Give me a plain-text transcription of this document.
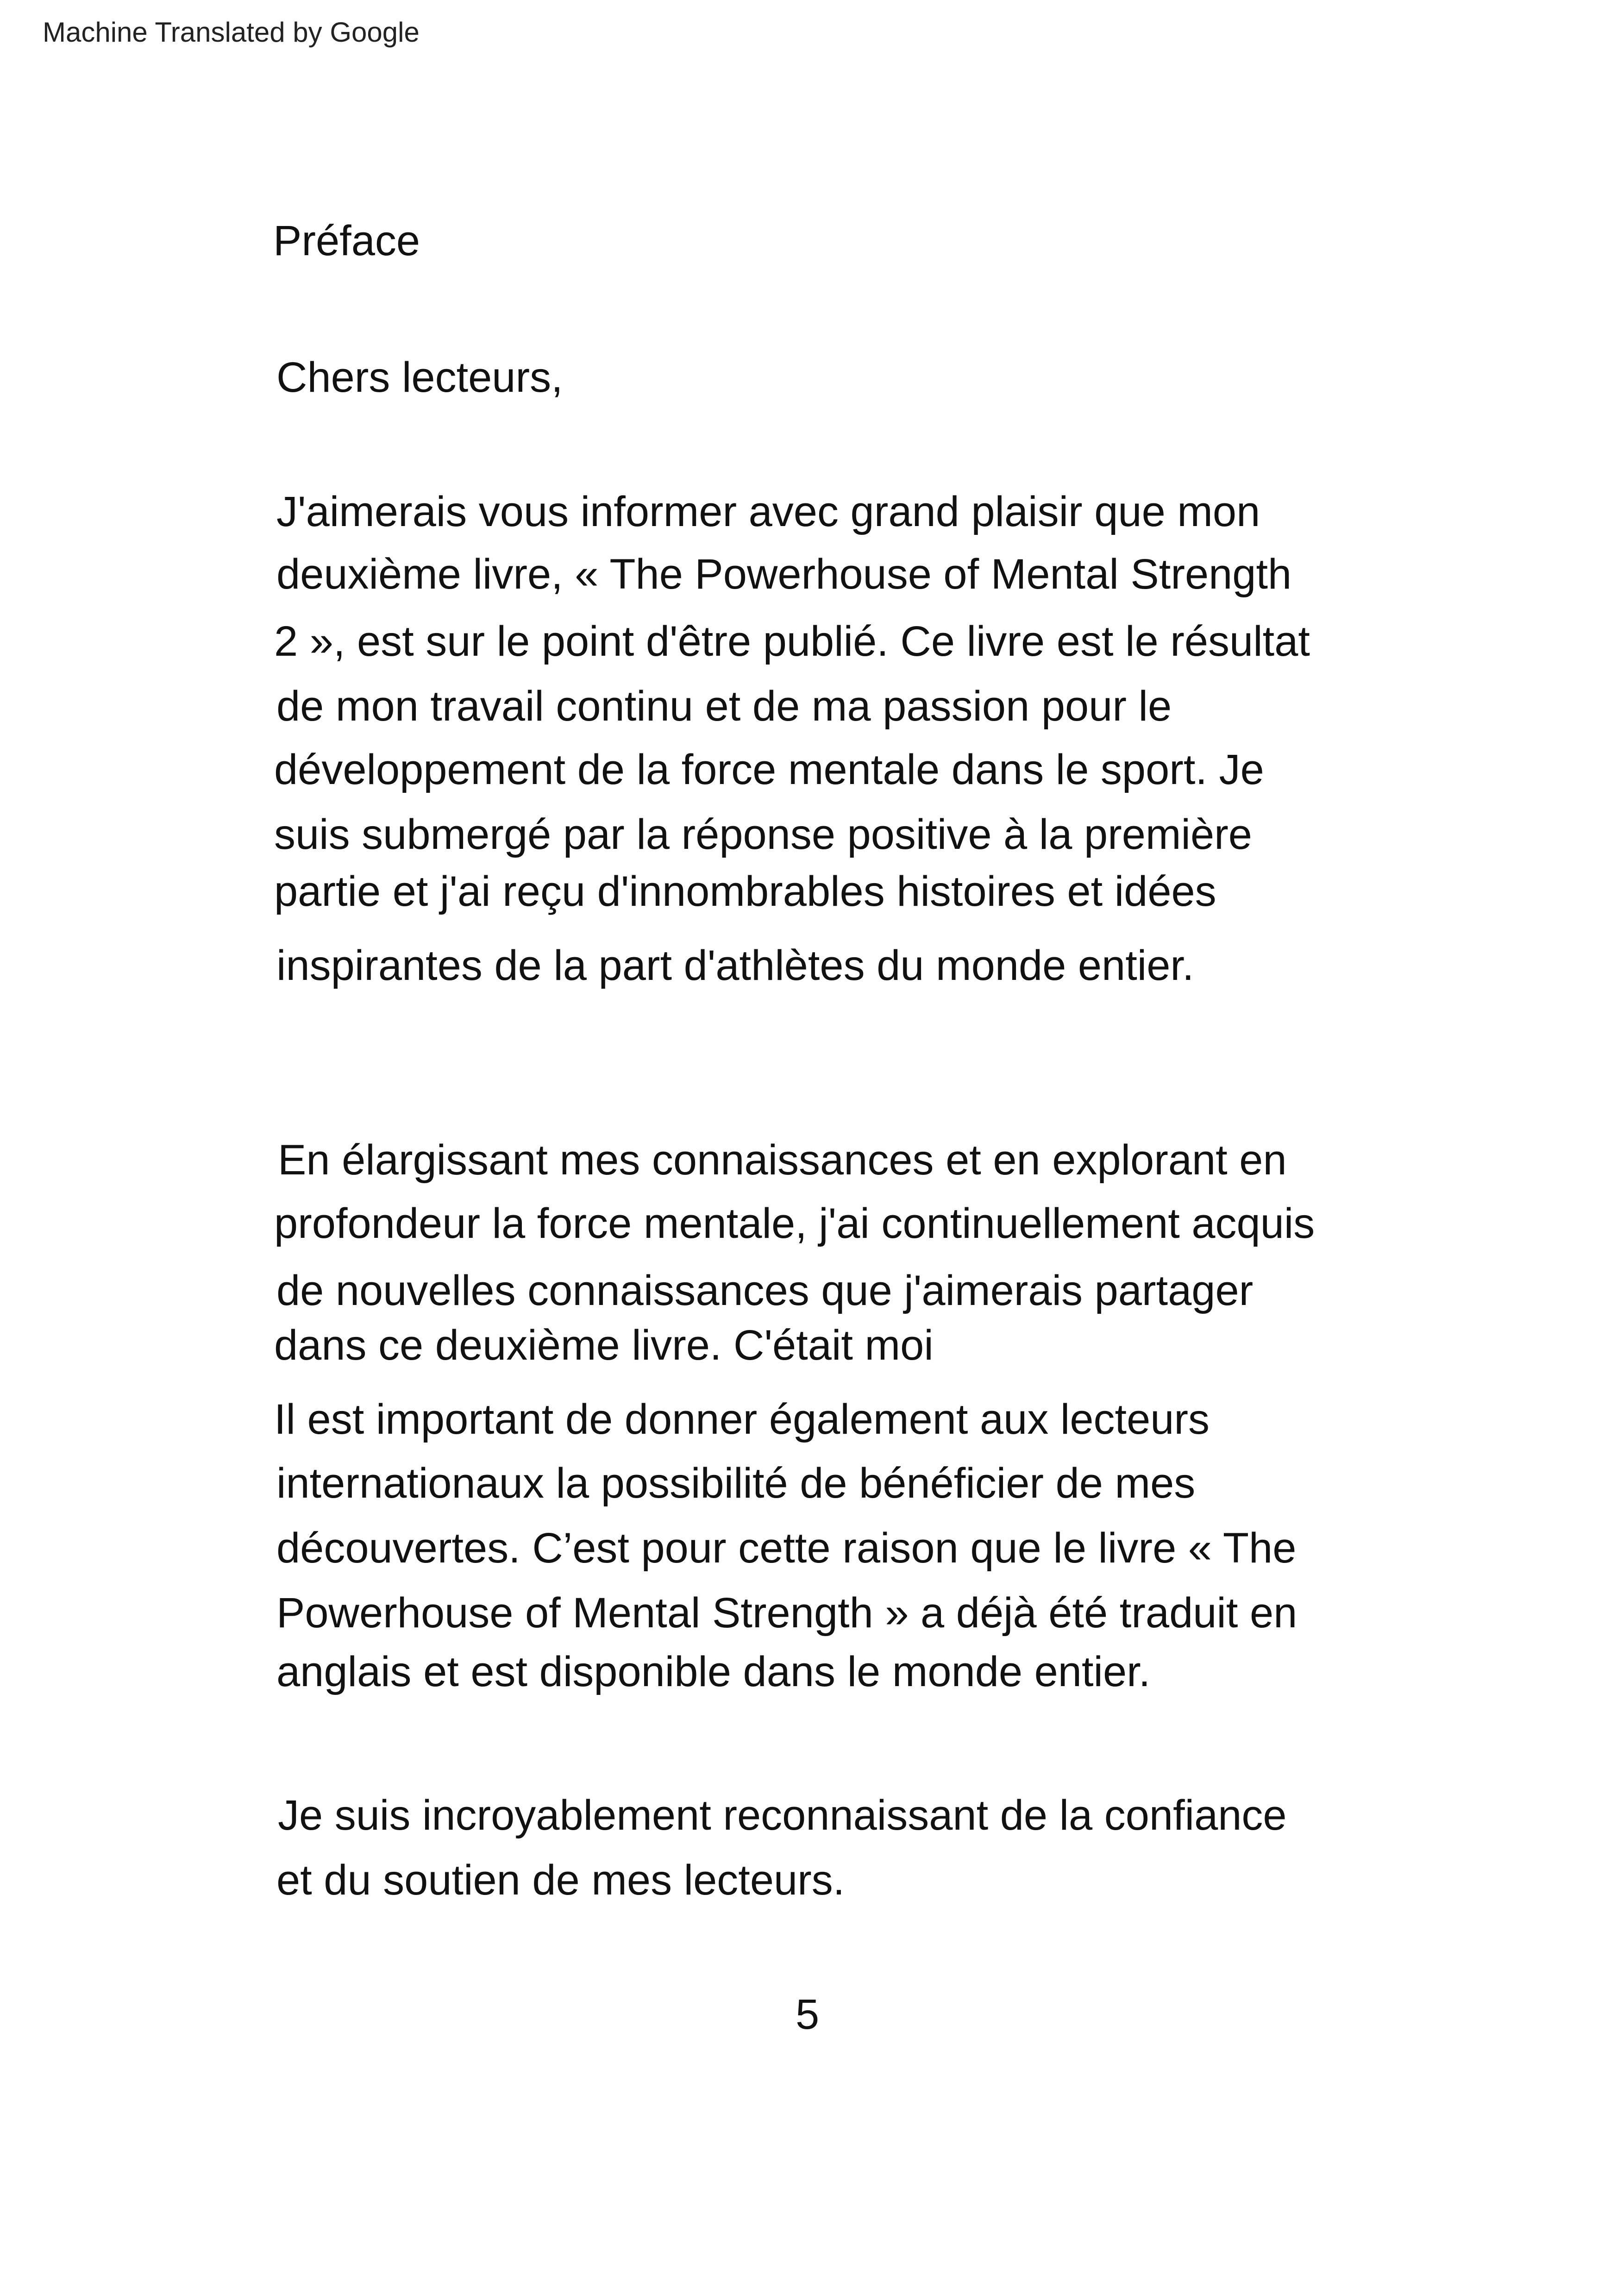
Machine Translated by Google
Préface
Chers lecteurs,
J'aimerais vous informer avec grand plaisir que mon
deuxième livre, « The Powerhouse of Mental Strength
2 », est sur le point d'être publié. Ce livre est le résultat
de mon travail continu et de ma passion pour le
développement de la force mentale dans le sport. Je
suis submergé par la réponse positive à la première
partie et j'ai reçu d'innombrables histoires et idées
inspirantes de la part d'athlètes du monde entier.
En élargissant mes connaissances et en explorant en
profondeur la force mentale, j'ai continuellement acquis
de nouvelles connaissances que j'aimerais partager
dans ce deuxième livre. C'était moi
Il est important de donner également aux lecteurs
internationaux la possibilité de bénéficier de mes
découvertes. C’est pour cette raison que le livre « The
Powerhouse of Mental Strength » a déjà été traduit en
anglais et est disponible dans le monde entier.
Je suis incroyablement reconnaissant de la confiance
et du soutien de mes lecteurs.
5
